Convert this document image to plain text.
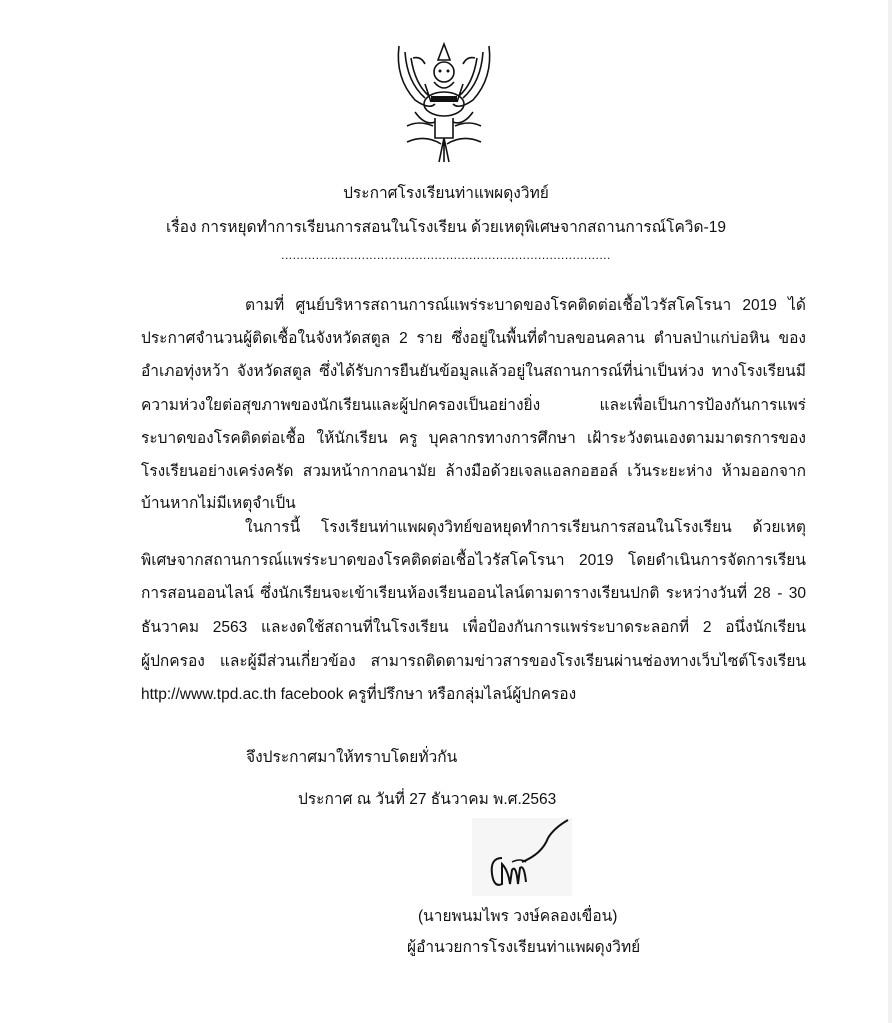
ประกาศโรงเรียนท่าแพผดุงวิทย์
เรื่อง การหยุดทำการเรียนการสอนในโรงเรียน ด้วยเหตุพิเศษจากสถานการณ์โควิด-19
......................................................................................
ตามที่ ศูนย์บริหารสถานการณ์แพร่ระบาดของโรคติดต่อเชื้อไวรัสโคโรนา 2019 ได้
ประกาศจำนวนผู้ติดเชื้อในจังหวัดสตูล 2 ราย ซึ่งอยู่ในพื้นที่ตำบลขอนคลาน ตำบลป่าแก่บ่อหิน ของ
อำเภอทุ่งหว้า จังหวัดสตูล ซึ่งได้รับการยืนยันข้อมูลแล้วอยู่ในสถานการณ์ที่น่าเป็นห่วง ทางโรงเรียนมี
ความห่วงใยต่อสุขภาพของนักเรียนและผู้ปกครองเป็นอย่างยิ่ง และเพื่อเป็นการป้องกันการแพร่
ระบาดของโรคติดต่อเชื้อ ให้นักเรียน ครู บุคลากรทางการศึกษา เฝ้าระวังตนเองตามมาตรการของ
โรงเรียนอย่างเคร่งครัด สวมหน้ากากอนามัย ล้างมือด้วยเจลแอลกอฮอล์ เว้นระยะห่าง ห้ามออกจาก
บ้านหากไม่มีเหตุจำเป็น
ในการนี้ โรงเรียนท่าแพผดุงวิทย์ขอหยุดทำการเรียนการสอนในโรงเรียน ด้วยเหตุ
พิเศษจากสถานการณ์แพร่ระบาดของโรคติดต่อเชื้อไวรัสโคโรนา 2019 โดยดำเนินการจัดการเรียน
การสอนออนไลน์ ซึ่งนักเรียนจะเข้าเรียนห้องเรียนออนไลน์ตามตารางเรียนปกติ ระหว่างวันที่ 28 - 30
ธันวาคม 2563 และงดใช้สถานที่ในโรงเรียน เพื่อป้องกันการแพร่ระบาดระลอกที่ 2 อนึ่งนักเรียน
ผู้ปกครอง และผู้มีส่วนเกี่ยวข้อง สามารถติดตามข่าวสารของโรงเรียนผ่านช่องทางเว็บไซต์โรงเรียน
http://www.tpd.ac.th facebook ครูที่ปรึกษา หรือกลุ่มไลน์ผู้ปกครอง
จึงประกาศมาให้ทราบโดยทั่วกัน
ประกาศ ณ วันที่ 27 ธันวาคม พ.ศ.2563
(นายพนมไพร วงษ์คลองเขื่อน)
ผู้อำนวยการโรงเรียนท่าแพผดุงวิทย์
